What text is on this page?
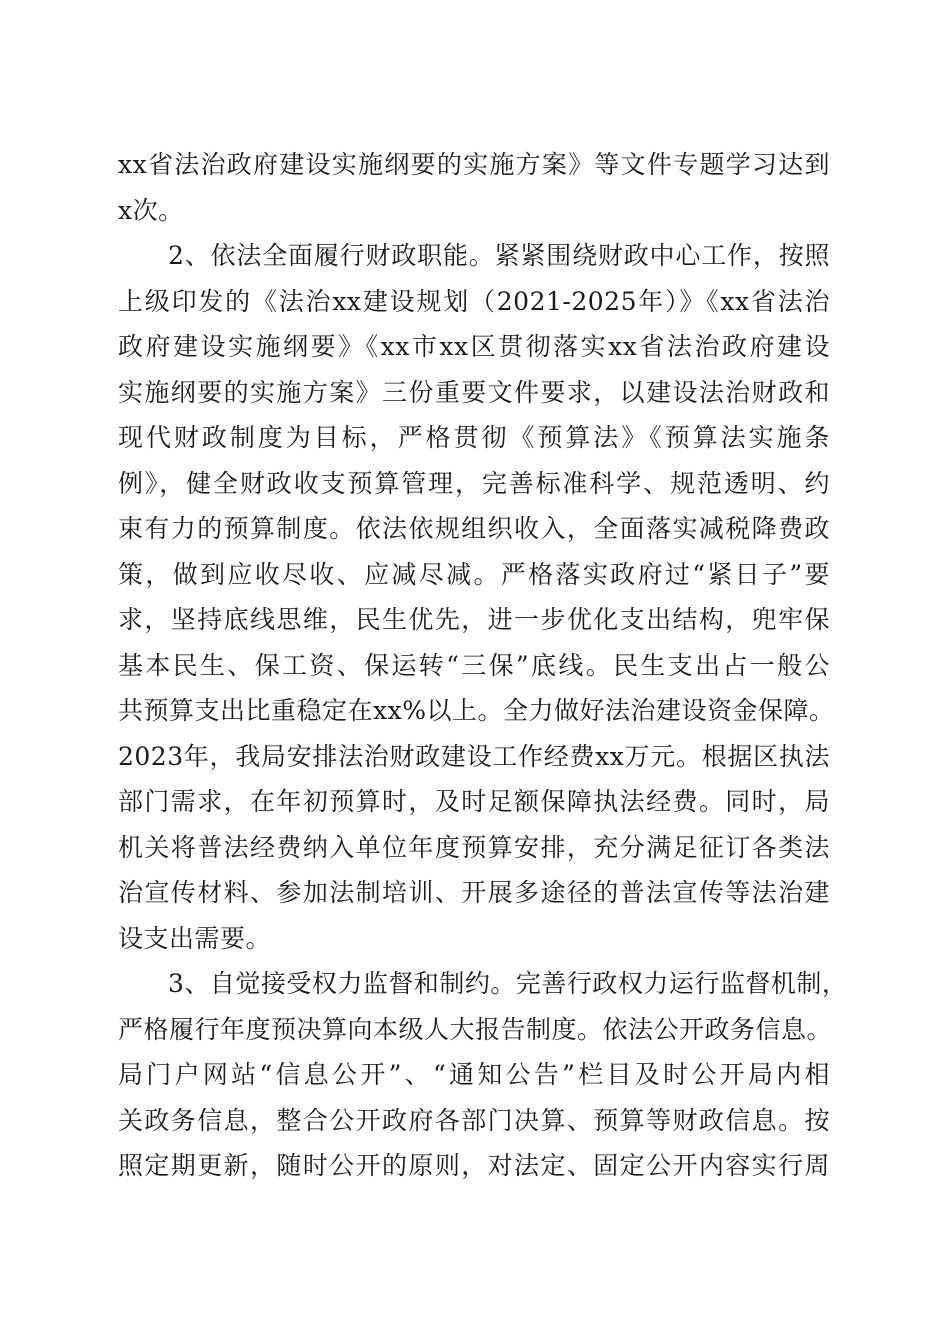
xx省法治政府建设实施纲要的实施方案》等文件专题学习达到
x次。
2、依法全面履行财政职能。紧紧围绕财政中心工作，按照
上级印发的《法治xx建设规划（2021-2025年）》《xx省法治
政府建设实施纲要》《xx市xx区贯彻落实xx省法治政府建设
实施纲要的实施方案》三份重要文件要求，以建设法治财政和
现代财政制度为目标，严格贯彻《预算法》《预算法实施条
例》，健全财政收支预算管理，完善标准科学、规范透明、约
束有力的预算制度。依法依规组织收入，全面落实减税降费政
策，做到应收尽收、应减尽减。严格落实政府过“紧日子”要
求，坚持底线思维，民生优先，进一步优化支出结构，兜牢保
基本民生、保工资、保运转“三保”底线。民生支出占一般公
共预算支出比重稳定在xx%以上。全力做好法治建设资金保障。
2023年，我局安排法治财政建设工作经费xx万元。根据区执法
部门需求，在年初预算时，及时足额保障执法经费。同时，局
机关将普法经费纳入单位年度预算安排，充分满足征订各类法
治宣传材料、参加法制培训、开展多途径的普法宣传等法治建
设支出需要。
3、自觉接受权力监督和制约。完善行政权力运行监督机制，
严格履行年度预决算向本级人大报告制度。依法公开政务信息。
局门户网站“信息公开”、“通知公告”栏目及时公开局内相
关政务信息，整合公开政府各部门决算、预算等财政信息。按
照定期更新，随时公开的原则，对法定、固定公开内容实行周
